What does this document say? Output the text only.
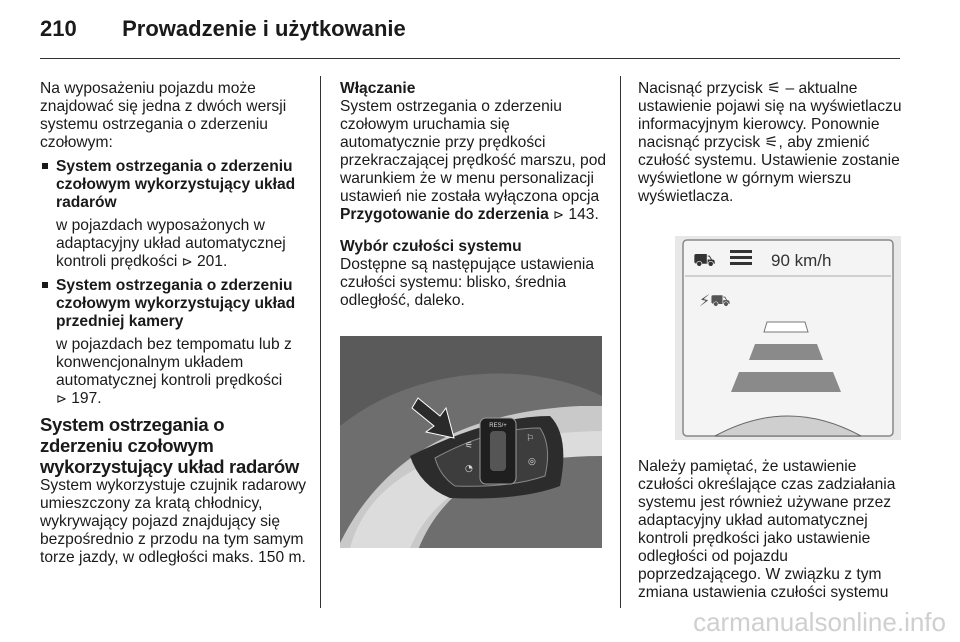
210 Prowadzenie i użytkowanie

Na wyposażeniu pojazdu może znajdować się jedna z dwóch wersji systemu ostrzegania o zderzeniu czołowym:

System ostrzegania o zderzeniu czołowym wykorzystujący układ radarów

w pojazdach wyposażonych w adaptacyjny układ automatycznej kontroli prędkości ⊳ 201.

System ostrzegania o zderzeniu czołowym wykorzystujący układ przedniej kamery

w pojazdach bez tempomatu lub z konwencjonalnym układem automatycznej kontroli prędkości
⊳ 197.

System ostrzegania o zderzeniu czołowym wykorzystujący układ radarów

System wykorzystuje czujnik radarowy umieszczony za kratą chłodnicy, wykrywający pojazd znajdujący się bezpośrednio z przodu na tym samym torze jazdy, w odległości maks. 150 m.

Włączanie

System ostrzegania o zderzeniu czołowym uruchamia się automatycznie przy prędkości przekraczającej prędkość marszu, pod warunkiem że w menu personalizacji ustawień nie została wyłączona opcja Przygotowanie do zderzenia ⊳ 143.

Wybór czułości systemu

Dostępne są następujące ustawienia czułości systemu: blisko, średnia odległość, daleko.

RES/+
⚟
◔
⚐
◎

Nacisnąć przycisk ⚟ – aktualne ustawienie pojawi się na wyświetlaczu informacyjnym kierowcy. Ponownie nacisnąć przycisk ⚟, aby zmienić czułość systemu. Ustawienie zostanie wyświetlone w górnym wierszu wyświetlacza.

⛟	90 km/h
⚡⛟

Należy pamiętać, że ustawienie czułości określające czas zadziałania systemu jest również używane przez adaptacyjny układ automatycznej kontroli prędkości jako ustawienie odległości od pojazdu poprzedzającego. W związku z tym zmiana ustawienia czułości systemu

carmanualsonline.info
